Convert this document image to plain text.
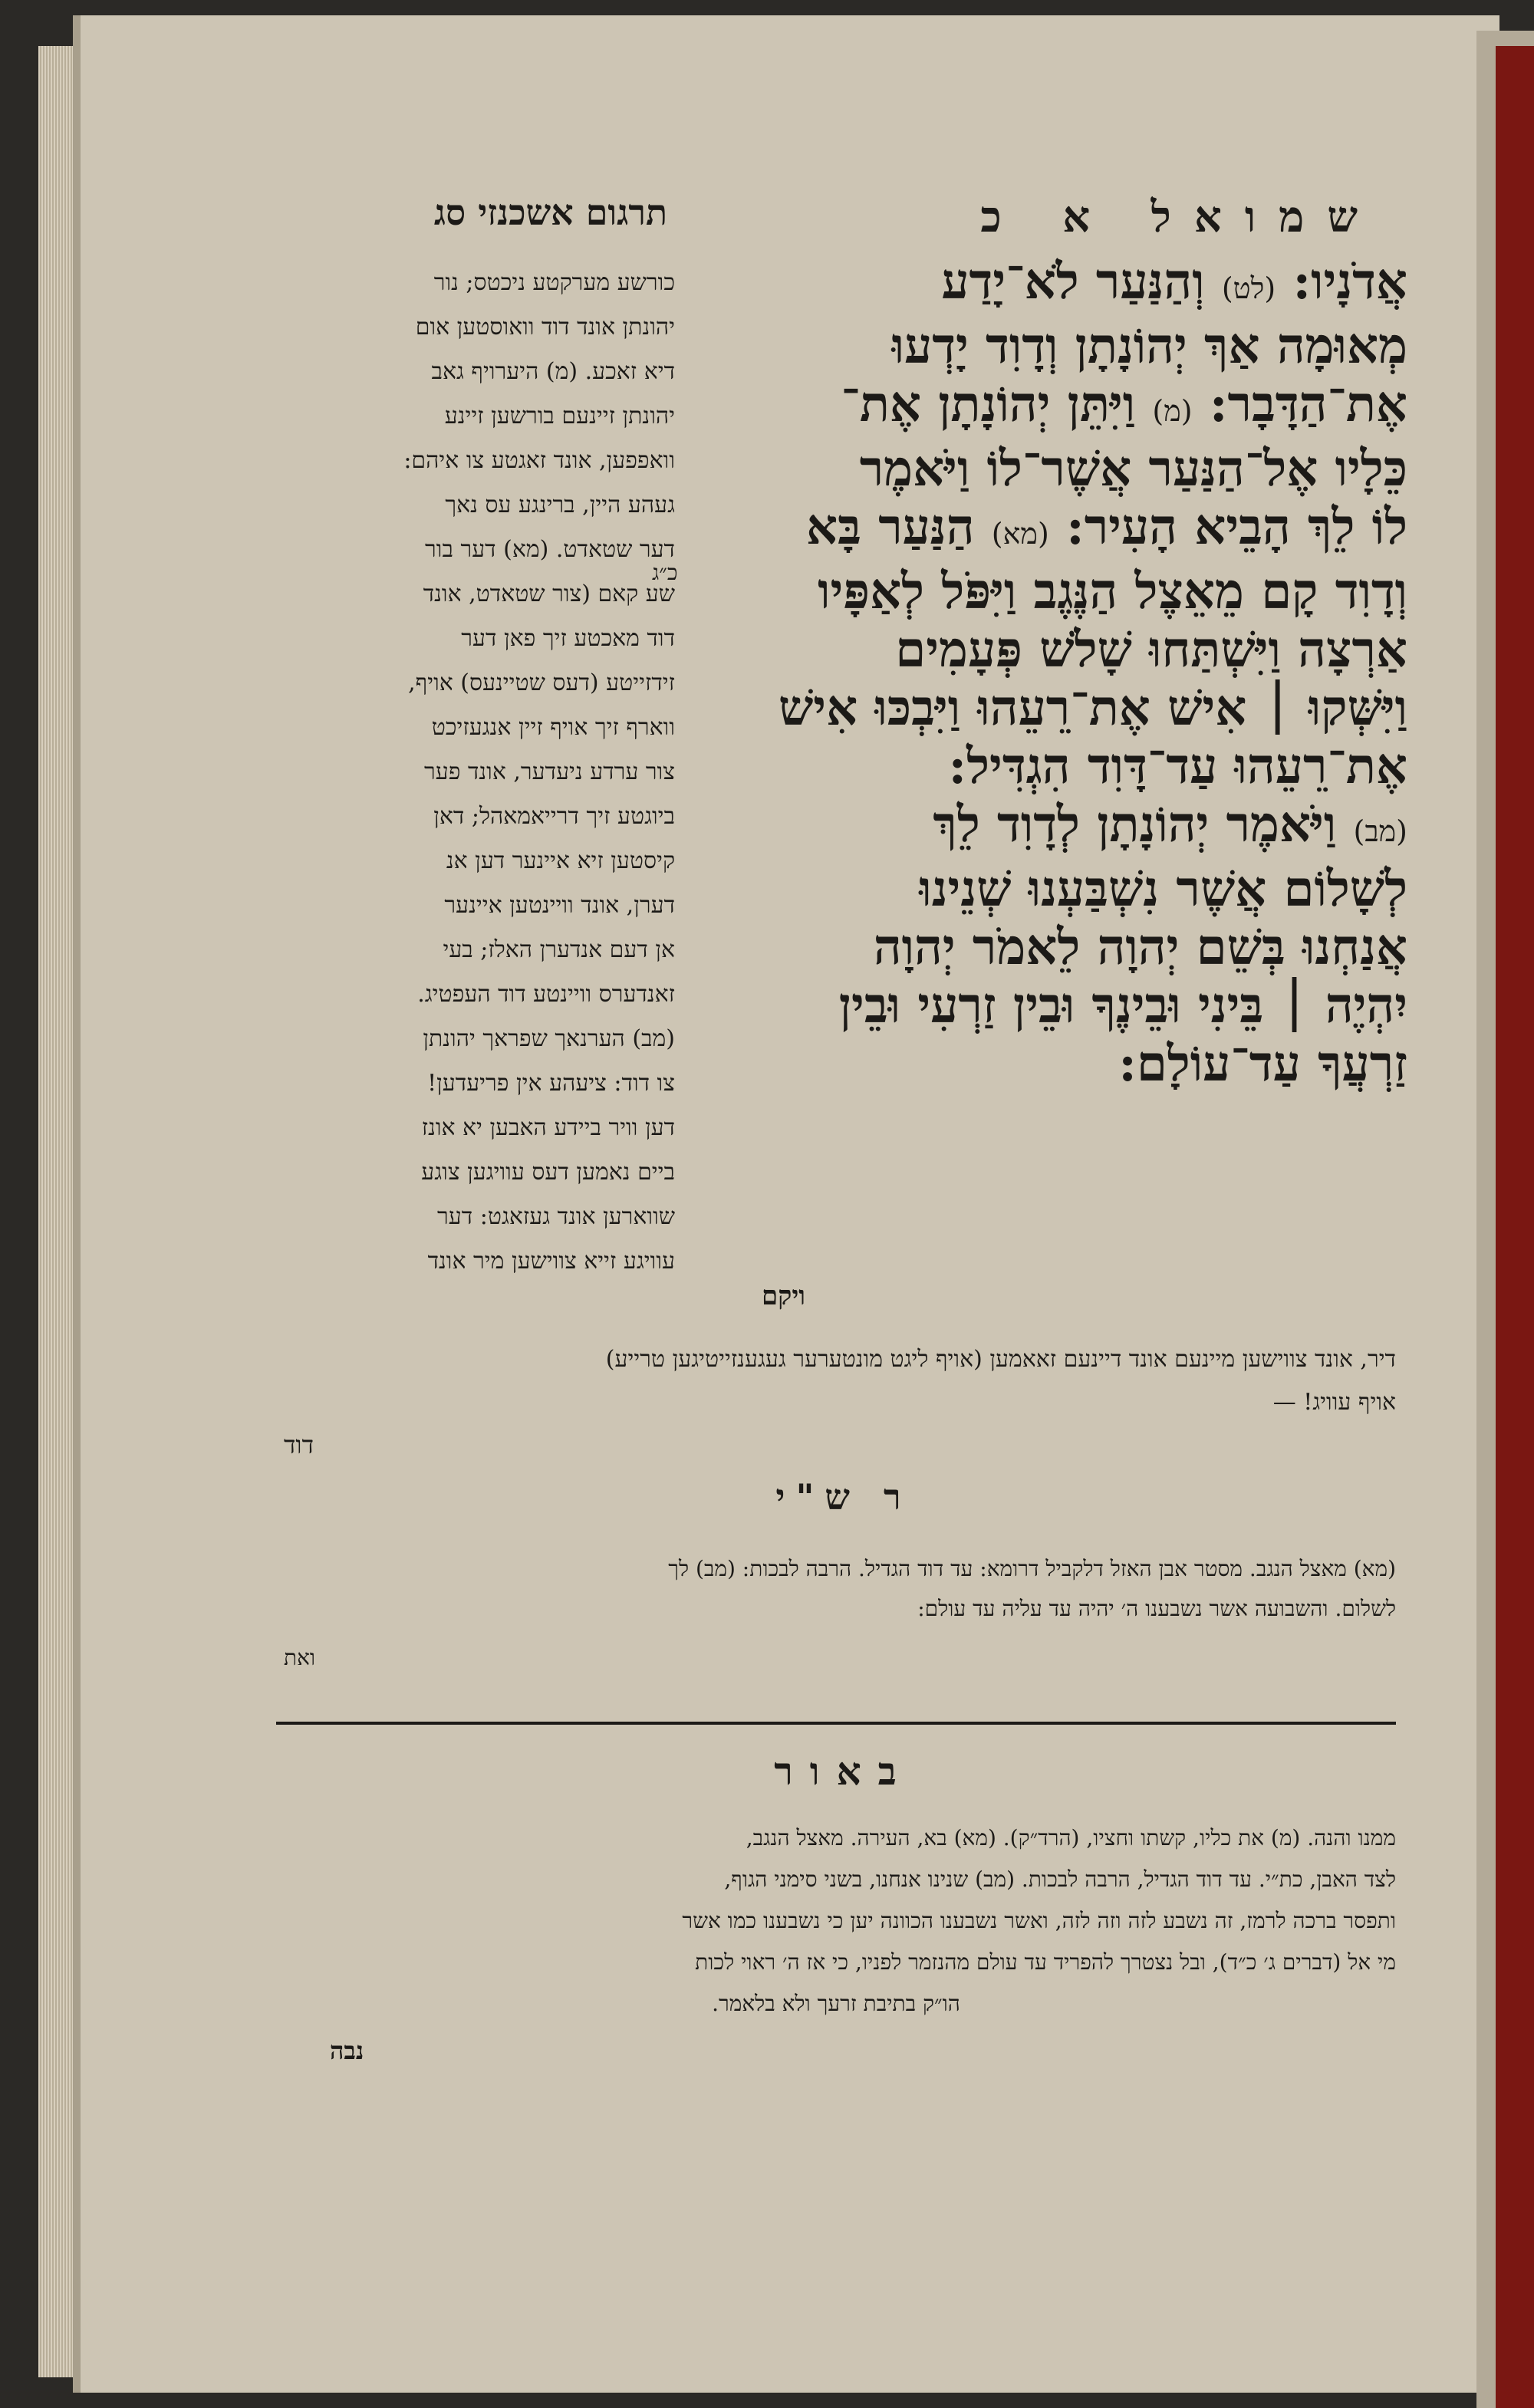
שמואל א כ
תרגום אשכנזי סג
אֲדֹנָיו: (לט) וְהַנַּעַר לֹא־יָדַע
מְאוּמָה אַךְ יְהוֹנָתָן וְדָוִד יָדְעוּ
אֶת־הַדָּבָר: (מ) וַיִּתֵּן יְהוֹנָתָן אֶת־
כֵּלָיו אֶל־הַנַּעַר אֲשֶׁר־לוֹ וַיֹּאמֶר
לוֹ לֵךְ הָבֵיא הָעִיר: (מא) הַנַּעַר בָּא
וְדָוִד קָם מֵאֵצֶל הַנֶּגֶב וַיִּפֹּל לְאַפָּיו
אַרְצָה וַיִּשְׁתַּחוּ שָׁלֹשׁ פְּעָמִים
וַיִּשְּׁקוּ ׀ אִישׁ אֶת־רֵעֵהוּ וַיִּבְכּוּ אִישׁ
אֶת־רֵעֵהוּ עַד־דָּוִד הִגְדִּיל:
(מב) וַיֹּאמֶר יְהוֹנָתָן לְדָוִד לֵךְ
לְשָׁלוֹם אֲשֶׁר נִשְׁבַּעְנוּ שְׁנֵינוּ
אֲנַחְנוּ בְּשֵׁם יְהוָה לֵאמֹר יְהוָה
יִהְיֶה ׀ בֵּינִי וּבֵינֶךָ וּבֵין זַרְעִי וּבֵין
זַרְעֲךָ עַד־עוֹלָם:
כ״ג
ויקם
כורשע מערקטע ניכטס; נור
יהונתן אונד דוד וואוסטען אום
דיא זאכע. (מ) היערויף גאב
יהונתן זיינעם בורשען זיינע
וואפפען, אונד זאגטע צו איהם:
געהע היין, ברינגע עס נאך
דער שטאדט. (מא) דער בור
שע קאם (צור שטאדט, אונד
דוד מאכטע זיך פאן דער
זידזייטע (דעס שטיינעס) אויף,
ווארף זיך אויף זיין אנגעזיכט
צור ערדע ניעדער, אונד פער
ביוגטע זיך דרייאמאהל; דאן
קיסטען זיא איינער דען אנ
דערן, אונד וויינטען איינער
אן דעם אנדערן האלז; בעי
זאנדערס וויינטע דוד העפטיג.
(מב) הערנאך שפראך יהונתן
צו דוד: ציעהע אין פריעדען!
דען וויר ביידע האבען יא אונז
ביים נאמען דעס עוויגען צוגע
שווארען אונד געזאגט: דער
עוויגע זייא צווישען מיר אונד
דיר, אונד צווישען מיינעם אונד דיינעם זאאמען (אויף ליגט מונטערער געגענזייטיגען טרייע)
אויף עוויג! —
דוד
ר ש"י
(מא) מאצל הנגב. מסטר אבן האזל דלקביל דרומא: עד דוד הגדיל. הרבה לבכות: (מב) לך
לשלום. והשבועה אשר נשבענו ה׳ יהיה עד עליה עד עולם:
ואת
באור
ממנו והנה. (מ) את כליו, קשתו וחציו, (הרד״ק). (מא) בא, העירה. מאצל הנגב,
לצד האבן, כת״י. עד דוד הגדיל, הרבה לבכות. (מב) שנינו אנחנו, בשני סימני הגוף,
ותפסר ברכה לרמז, זה נשבע לזה וזה לזה, ואשר נשבענו הכוונה יען כי נשבענו כמו אשר
מי אל (דברים ג׳ כ״ד), ובל נצטרך להפריד עד עולם מהנזמר לפניו, כי אז ה׳ ראוי לכות
הו״ק בתיבת זרעך ולא בלאמר.
נבה
